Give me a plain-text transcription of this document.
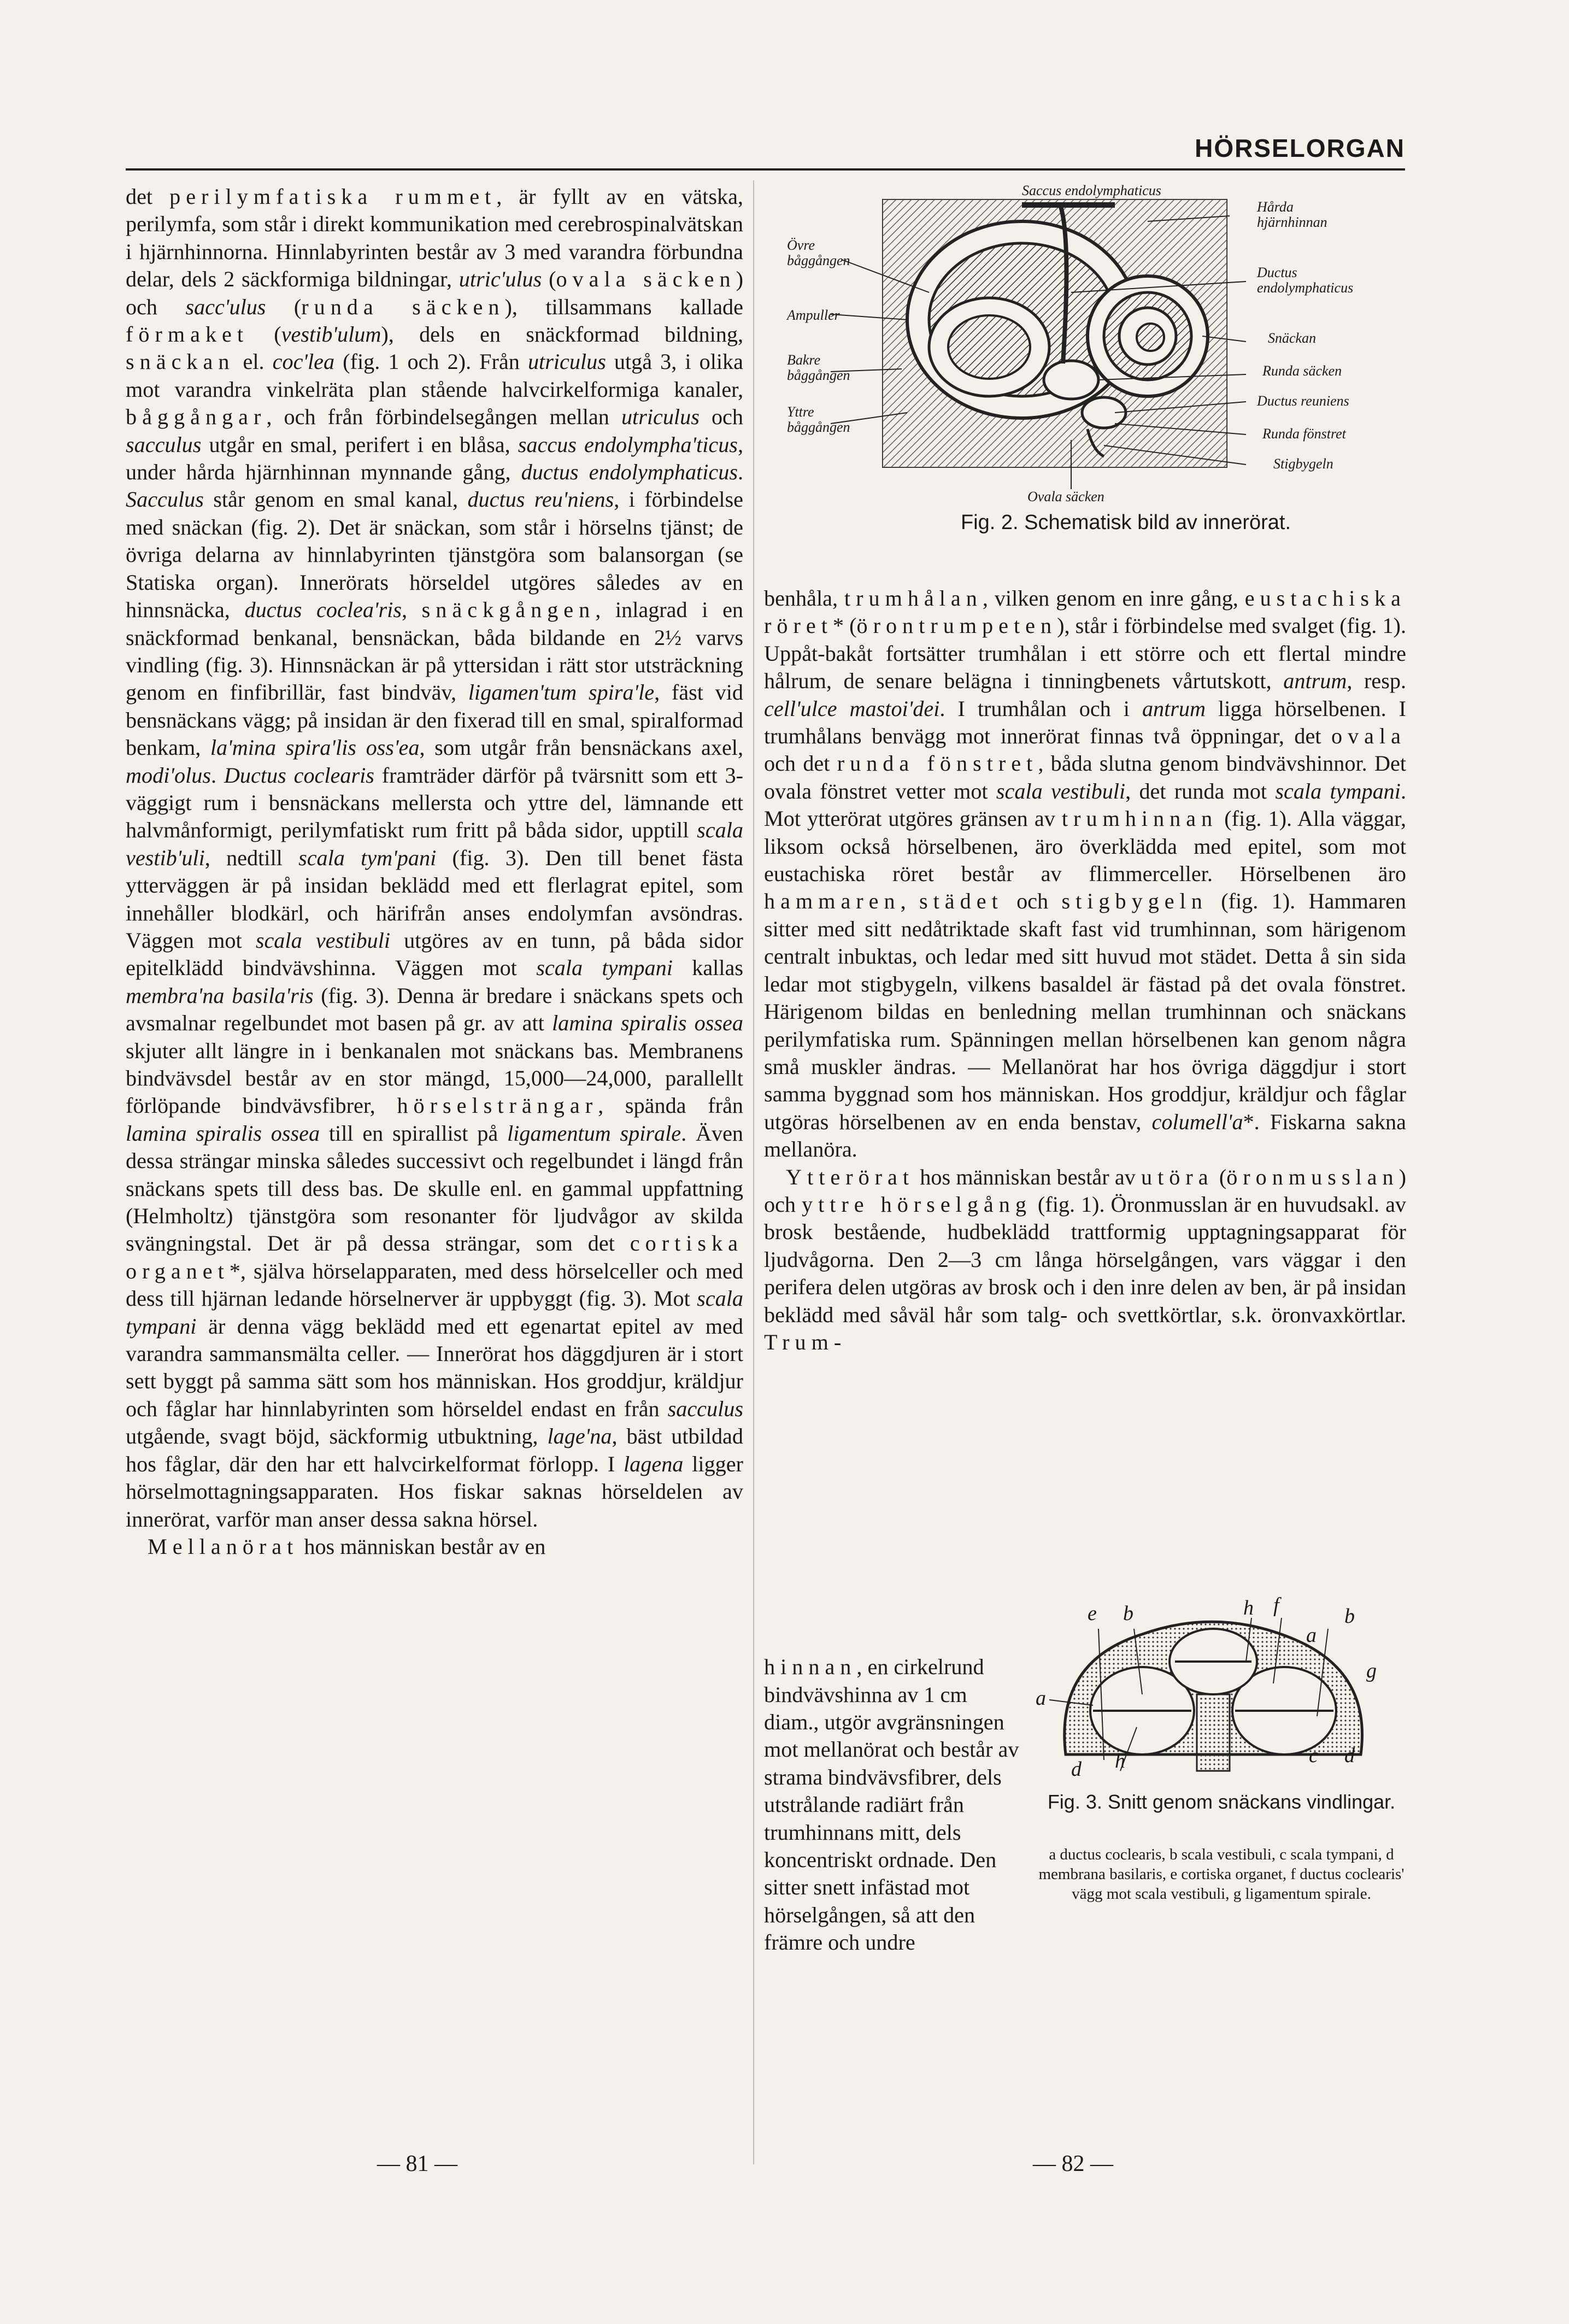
HÖRSELORGAN

det perilymfatiska rummet, är fyllt av en vätska, perilymfa, som står i direkt kommunikation med cerebrospinalvätskan i hjärnhinnorna. Hinnlabyrinten består av 3 med varandra förbundna delar, dels 2 säckformiga bildningar, utric'ulus (ovala säcken) och sacc'ulus (runda säcken), tillsammans kallade förmaket (vestib'ulum), dels en snäckformad bildning, snäckan el. coc'lea (fig. 1 och 2). Från utriculus utgå 3, i olika mot varandra vinkelräta plan stående halvcirkelformiga kanaler, båggångar, och från förbindelsegången mellan utriculus och sacculus utgår en smal, perifert i en blåsa, saccus endolympha'ticus, under hårda hjärnhinnan mynnande gång, ductus endolymphaticus. Sacculus står genom en smal kanal, ductus reu'niens, i förbindelse med snäckan (fig. 2). Det är snäckan, som står i hörselns tjänst; de övriga delarna av hinnlabyrinten tjänstgöra som balansorgan (se Statiska organ). Innerörats hörseldel utgöres således av en hinnsnäcka, ductus coclea'ris, snäckgången, inlagrad i en snäckformad benkanal, bensnäckan, båda bildande en 2½ varvs vindling (fig. 3). Hinnsnäckan är på yttersidan i rätt stor utsträckning genom en finfibrillär, fast bindväv, ligamen'tum spira'le, fäst vid bensnäckans vägg; på insidan är den fixerad till en smal, spiralformad benkam, la'mina spira'lis oss'ea, som utgår från bensnäckans axel, modi'olus. Ductus coclearis framträder därför på tvärsnitt som ett 3-väggigt rum i bensnäckans mellersta och yttre del, lämnande ett halvmånformigt, perilymfatiskt rum fritt på båda sidor, upptill scala vestib'uli, nedtill scala tym'pani (fig. 3). Den till benet fästa ytterväggen är på insidan beklädd med ett flerlagrat epitel, som innehåller blodkärl, och härifrån anses endolymfan avsöndras. Väggen mot scala vestibuli utgöres av en tunn, på båda sidor epitelklädd bindvävshinna. Väggen mot scala tympani kallas membra'na basila'ris (fig. 3). Denna är bredare i snäckans spets och avsmalnar regelbundet mot basen på gr. av att lamina spiralis ossea skjuter allt längre in i benkanalen mot snäckans bas. Membranens bindvävsdel består av en stor mängd, 15,000—24,000, parallellt förlöpande bindvävsfibrer, hörselsträngar, spända från lamina spiralis ossea till en spirallist på ligamentum spirale. Även dessa strängar minska således successivt och regelbundet i längd från snäckans spets till dess bas. De skulle enl. en gammal uppfattning (Helmholtz) tjänstgöra som resonanter för ljudvågor av skilda svängningstal. Det är på dessa strängar, som det cortiska organet*, själva hörselapparaten, med dess hörselceller och med dess till hjärnan ledande hörselnerver är uppbyggt (fig. 3). Mot scala tympani är denna vägg beklädd med ett egenartat epitel av med varandra sammansmälta celler. — Innerörat hos däggdjuren är i stort sett byggt på samma sätt som hos människan. Hos groddjur, kräldjur och fåglar har hinnlabyrinten som hörseldel endast en från sacculus utgående, svagt böjd, säckformig utbuktning, lage'na, bäst utbildad hos fåglar, där den har ett halvcirkelformat förlopp. I lagena ligger hörselmottagningsapparaten. Hos fiskar saknas hörseldelen av innerörat, varför man anser dessa sakna hörsel.

Mellanörat hos människan består av en

Saccus endolymphaticus
Övre båggången
Ampuller
Bakre båggången
Yttre båggången
Hårda hjärnhinnan
Ductus endolymphaticus
Snäckan
Runda säcken
Ductus reuniens
Runda fönstret
Stigbygeln
Ovala säcken
Fig. 2. Schematisk bild av innerörat.

benhåla, trumhålan, vilken genom en inre gång, eustachiska röret* (örontrumpeten), står i förbindelse med svalget (fig. 1). Uppåt-bakåt fortsätter trumhålan i ett större och ett flertal mindre hålrum, de senare belägna i tinningbenets vårtutskott, antrum, resp. cell'ulce mastoi'dei. I trumhålan och i antrum ligga hörselbenen. I trumhålans benvägg mot innerörat finnas två öppningar, det ovala och det runda fönstret, båda slutna genom bindvävshinnor. Det ovala fönstret vetter mot scala vestibuli, det runda mot scala tympani. Mot ytterörat utgöres gränsen av trumhinnan (fig. 1). Alla väggar, liksom också hörselbenen, äro överklädda med epitel, som mot eustachiska röret består av flimmerceller. Hörselbenen äro hammaren, städet och stigbygeln (fig. 1). Hammaren sitter med sitt nedåtriktade skaft fast vid trumhinnan, som härigenom centralt inbuktas, och ledar med sitt huvud mot städet. Detta å sin sida ledar mot stigbygeln, vilkens basaldel är fästad på det ovala fönstret. Härigenom bildas en benledning mellan trumhinnan och snäckans perilymfatiska rum. Spänningen mellan hörselbenen kan genom några små muskler ändras. — Mellanörat har hos övriga däggdjur i stort samma byggnad som hos människan. Hos groddjur, kräldjur och fåglar utgöras hörselbenen av en enda benstav, columell'a*. Fiskarna sakna mellanöra.

Ytterörat hos människan består av utöra (öronmusslan) och yttre hörselgång (fig. 1). Öronmusslan är en huvudsakl. av brosk bestående, hudbeklädd trattformig upptagningsapparat för ljudvågorna. Den 2—3 cm långa hörselgången, vars väggar i den perifera delen utgöras av brosk och i den inre delen av ben, är på insidan beklädd med såväl hår som talg- och svettkörtlar, s.k. öronvaxkörtlar. Trum-

hinnan, en cirkelrund bindvävshinna av 1 cm diam., utgör avgränsningen mot mellanörat och består av strama bindvävsfibrer, dels utstrålande radiärt från trumhinnans mitt, dels koncentriskt ordnade. Den sitter snett infästad mot hörselgången, så att den främre och undre

e b	h f
a
b
g
a
d h	c d
Fig. 3. Snitt genom snäckans vindlingar.
a ductus coclearis, b scala vestibuli, c scala tympani, d membrana basilaris, e cortiska organet, f ductus coclearis' vägg mot scala vestibuli, g ligamentum spirale.
— 81 —	— 82 —
